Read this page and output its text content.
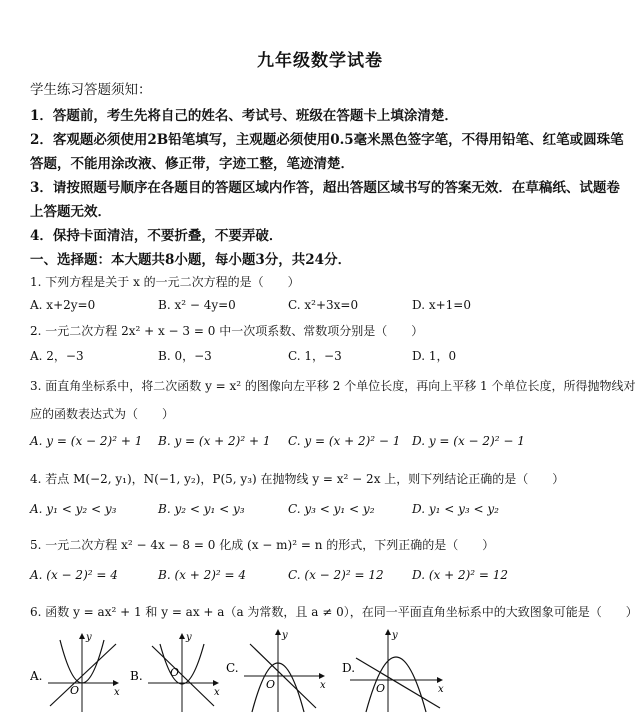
九年级数学试卷
学生练习答题须知：
1．答题前，考生先将自己的姓名、考试号、班级在答题卡上填涂清楚．
2．客观题必须使用2B铅笔填写，主观题必须使用0.5毫米黑色签字笔，不得用铅笔、红笔或圆珠笔
答题，不能用涂改液、修正带，字迹工整，笔迹清楚．
3．请按照题号顺序在各题目的答题区域内作答，超出答题区域书写的答案无效．在草稿纸、试题卷
上答题无效．
4．保持卡面清洁，不要折叠，不要弄破．
一、选择题：本大题共8小题，每小题3分，共24分．
1. 下列方程是关于 x 的一元二次方程的是（　　）
A. x+2y=0	B. x² − 4y=0	C. x²+3x=0	D. x+1=0
2. 一元二次方程 2x² + x − 3 = 0 中一次项系数、常数项分别是（　　）
A. 2，−3	B. 0，−3	C. 1，−3	D. 1，0
3. 面直角坐标系中，将二次函数 y = x² 的图像向左平移 2 个单位长度，再向上平移 1 个单位长度，所得抛物线对
应的函数表达式为（　　）
A. y = (x − 2)² + 1 B. y = (x + 2)² + 1 C. y = (x + 2)² − 1 D. y = (x − 2)² − 1
4. 若点 M(−2, y₁)，N(−1, y₂)，P(5, y₃) 在抛物线 y = x² − 2x 上，则下列结论正确的是（　　）
A. y₁ < y₂ < y₃	B. y₂ < y₁ < y₃	C. y₃ < y₁ < y₂	D. y₁ < y₃ < y₂
5. 一元二次方程 x² − 4x − 8 = 0 化成 (x − m)² = n 的形式，下列正确的是（　　）
A. (x − 2)² = 4	B. (x + 2)² = 4	C. (x − 2)² = 12 D. (x + 2)² = 12
6. 函数 y = ax² + 1 和 y = ax + a（a 为常数，且 a ≠ 0），在同一平面直角坐标系中的大致图象可能是（　　）
A.
O	x
y
B. O
x
y
C.
O	x
y
D.
O	x
y
